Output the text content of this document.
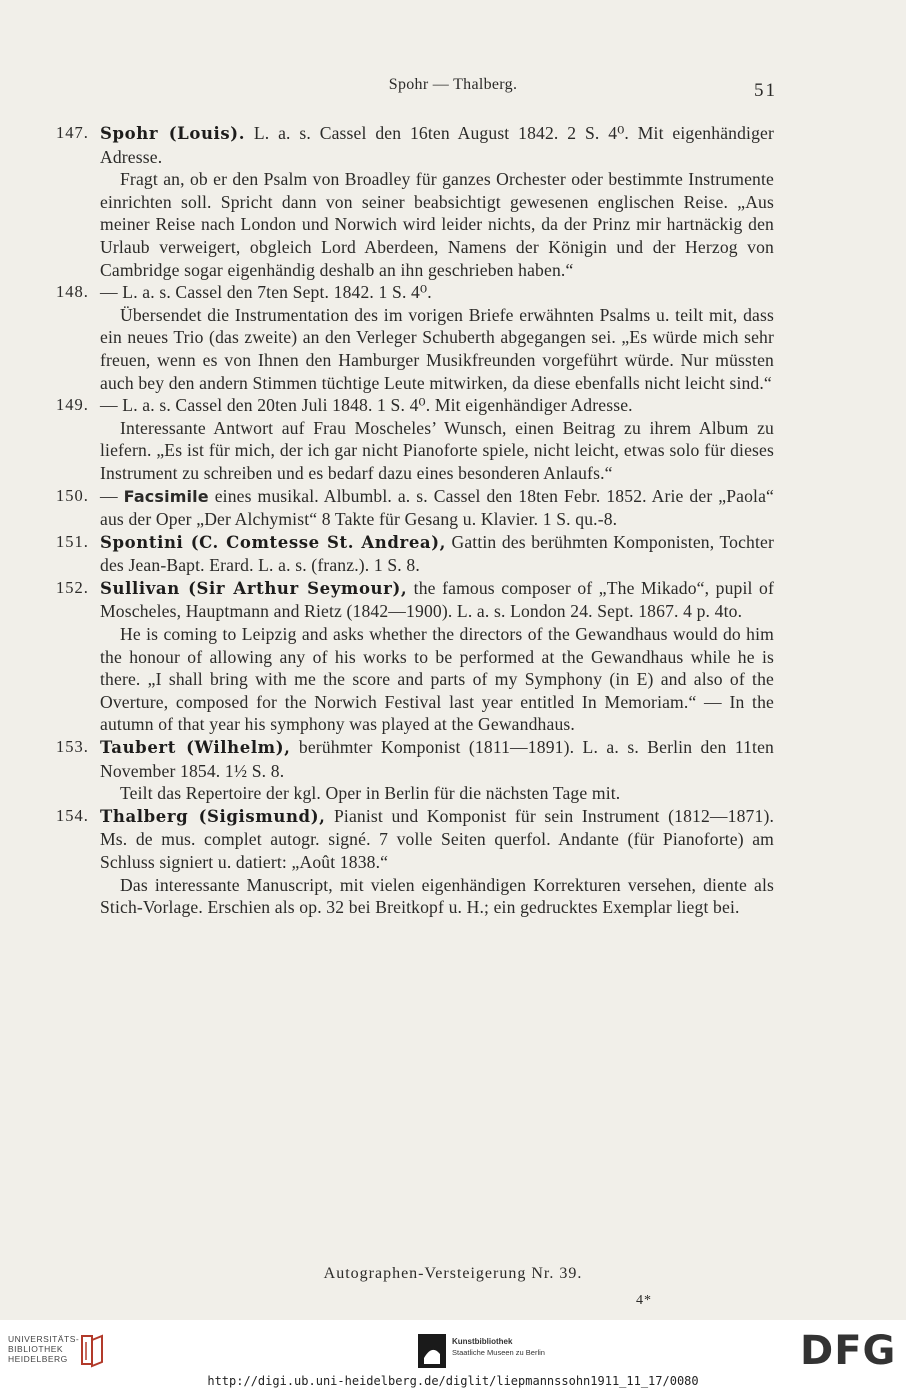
Spohr — Thalberg.	51
147. Spohr (Louis). L. a. s. Cassel den 16ten August 1842. 2 S. 4⁰. Mit eigenhändiger Adresse.
Fragt an, ob er den Psalm von Broadley für ganzes Orchester oder bestimmte Instrumente einrichten soll. Spricht dann von seiner beabsichtigt gewesenen englischen Reise. „Aus meiner Reise nach London und Norwich wird leider nichts, da der Prinz mir hartnäckig den Urlaub verweigert, obgleich Lord Aberdeen, Namens der Königin und der Herzog von Cambridge sogar eigenhändig deshalb an ihn geschrieben haben.“
148. — L. a. s. Cassel den 7ten Sept. 1842. 1 S. 4⁰.
Übersendet die Instrumentation des im vorigen Briefe erwähnten Psalms u. teilt mit, dass ein neues Trio (das zweite) an den Verleger Schuberth abgegangen sei. „Es würde mich sehr freuen, wenn es von Ihnen den Hamburger Musikfreunden vorgeführt würde. Nur müssten auch bey den andern Stimmen tüchtige Leute mitwirken, da diese ebenfalls nicht leicht sind.“
149. — L. a. s. Cassel den 20ten Juli 1848. 1 S. 4⁰. Mit eigenhändiger Adresse.
Interessante Antwort auf Frau Moscheles’ Wunsch, einen Beitrag zu ihrem Album zu liefern. „Es ist für mich, der ich gar nicht Pianoforte spiele, nicht leicht, etwas solo für dieses Instrument zu schreiben und es bedarf dazu eines besonderen Anlaufs.“
150. — Facsimile eines musikal. Albumbl. a. s. Cassel den 18ten Febr. 1852. Arie der „Paola“ aus der Oper „Der Alchymist“ 8 Takte für Gesang u. Klavier. 1 S. qu.-8.
151. Spontini (C. Comtesse St. Andrea), Gattin des berühmten Komponisten, Tochter des Jean-Bapt. Erard. L. a. s. (franz.). 1 S. 8.
152. Sullivan (Sir Arthur Seymour), the famous composer of „The Mikado“, pupil of Moscheles, Hauptmann and Rietz (1842—1900). L. a. s. London 24. Sept. 1867. 4 p. 4to.
He is coming to Leipzig and asks whether the directors of the Gewandhaus would do him the honour of allowing any of his works to be performed at the Gewandhaus while he is there. „I shall bring with me the score and parts of my Symphony (in E) and also of the Overture, composed for the Norwich Festival last year entitled In Memoriam.“ — In the autumn of that year his symphony was played at the Gewandhaus.
153. Taubert (Wilhelm), berühmter Komponist (1811—1891). L. a. s. Berlin den 11ten November 1854. 1½ S. 8.
Teilt das Repertoire der kgl. Oper in Berlin für die nächsten Tage mit.
154. Thalberg (Sigismund), Pianist und Komponist für sein Instrument (1812—1871). Ms. de mus. complet autogr. signé. 7 volle Seiten querfol. Andante (für Pianoforte) am Schluss signiert u. datiert: „Août 1838.“
Das interessante Manuscript, mit vielen eigenhändigen Korrekturen versehen, diente als Stich-Vorlage. Erschien als op. 32 bei Breitkopf u. H.; ein gedrucktes Exemplar liegt bei.
Autographen-Versteigerung Nr. 39.
4*
UNIVERSITÄTS-
BIBLIOTHEK
HEIDELBERG
Kunstbibliothek
Staatliche Museen zu Berlin	DFG
http://digi.ub.uni-heidelberg.de/diglit/liepmannssohn1911_11_17/0080
